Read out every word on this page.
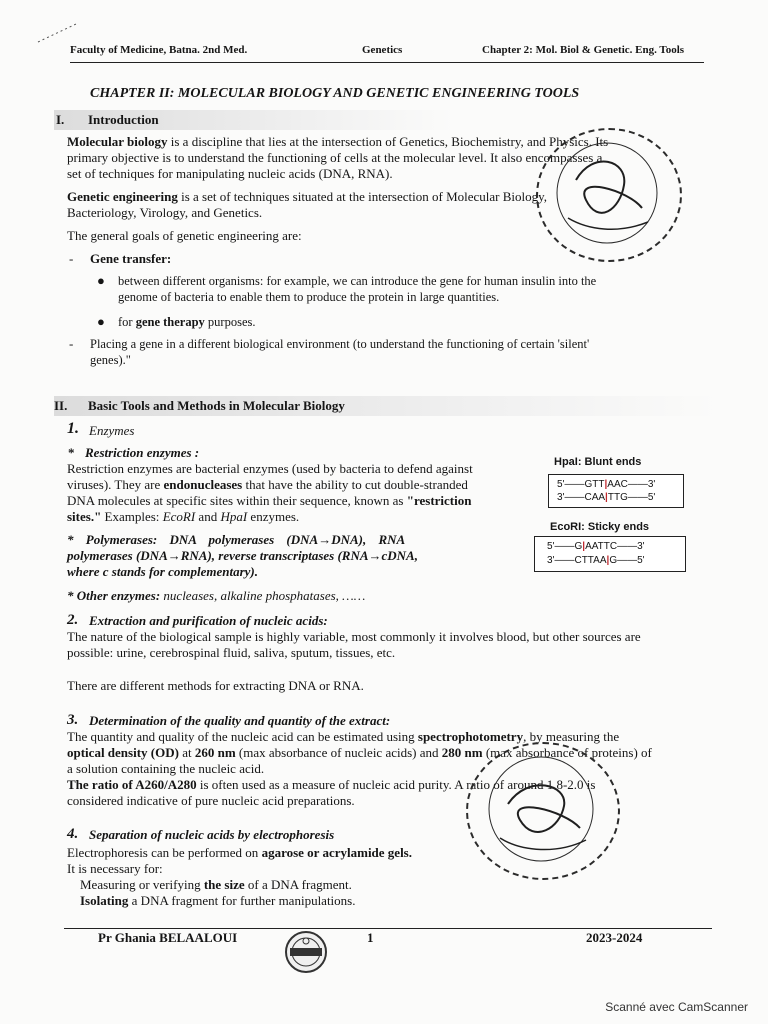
Faculty of Medicine, Batna. 2nd Med.	Genetics	Chapter 2: Mol. Biol & Genetic. Eng. Tools
CHAPTER II: MOLECULAR BIOLOGY AND GENETIC ENGINEERING TOOLS
I. Introduction
Molecular biology is a discipline that lies at the intersection of Genetics, Biochemistry, and Physics. Its
primary objective is to understand the functioning of cells at the molecular level. It also encompasses a
set of techniques for manipulating nucleic acids (DNA, RNA).
Genetic engineering is a set of techniques situated at the intersection of Molecular Biology,
Bacteriology, Virology, and Genetics.
The general goals of genetic engineering are:
- Gene transfer:
● between different organisms: for example, we can introduce the gene for human insulin into the
genome of bacteria to enable them to produce the protein in large quantities.
● for gene therapy purposes.
- Placing a gene in a different biological environment (to understand the functioning of certain 'silent'
genes)."
II. Basic Tools and Methods in Molecular Biology
1. Enzymes
* Restriction enzymes :
Restriction enzymes are bacterial enzymes (used by bacteria to defend against
viruses). They are endonucleases that have the ability to cut double-stranded
DNA molecules at specific sites within their sequence, known as "restriction
sites." Examples: EcoRI and HpaI enzymes.
* Polymerases: DNA polymerases (DNA→DNA), RNA
polymerases (DNA→RNA), reverse transcriptases (RNA→cDNA,
where c stands for complementary).
* Other enzymes: nucleases, alkaline phosphatases, ……
HpaI: Blunt ends
5'——GTT|AAC——3'
3'——CAA|TTG——5'
EcoRI: Sticky ends
5'——G|AATTC——3'
3'——CTTAA|G——5'
2. Extraction and purification of nucleic acids:
The nature of the biological sample is highly variable, most commonly it involves blood, but other sources are
possible: urine, cerebrospinal fluid, saliva, sputum, tissues, etc.
There are different methods for extracting DNA or RNA.
3. Determination of the quality and quantity of the extract:
The quantity and quality of the nucleic acid can be estimated using spectrophotometry, by measuring the
optical density (OD) at 260 nm (max absorbance of nucleic acids) and 280 nm (max absorbance of proteins) of
a solution containing the nucleic acid.
The ratio of A260/A280 is often used as a measure of nucleic acid purity. A ratio of around 1.8-2.0 is
considered indicative of pure nucleic acid preparations.
4. Separation of nucleic acids by electrophoresis
Electrophoresis can be performed on agarose or acrylamide gels.
It is necessary for:
Measuring or verifying the size of a DNA fragment.
Isolating a DNA fragment for further manipulations.
Pr Ghania BELAALOUI	1	2023-2024
Scanné avec CamScanner
